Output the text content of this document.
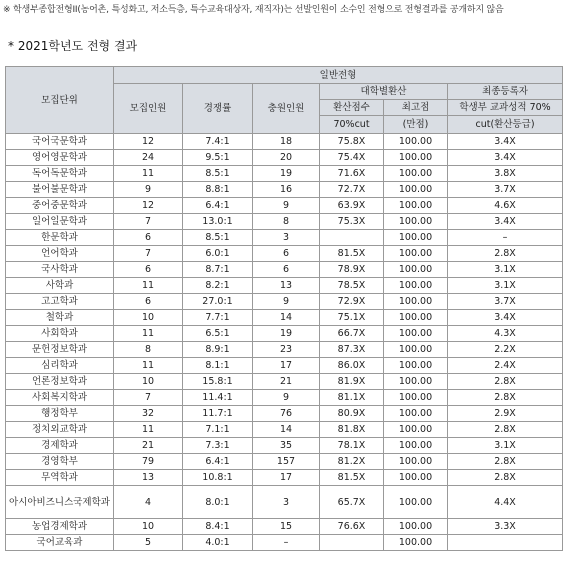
※ 학생부종합전형II(농어촌, 특성화고, 저소득층, 특수교육대상자, 재직자)는 선발인원이 소수인 전형으로 전형결과를 공개하지 않음
* 2021학년도 전형 결과
모집단위	일반전형					
	모집인원	경쟁률	충원인원	대학별환산		최종등록자
				환산점수	최고점	학생부 교과성적 70%
				70%cut	(만점)	cut(환산등급)
국어국문학과	12	7.4:1	18	75.8X	100.00	3.4X
영어영문학과	24	9.5:1	20	75.4X	100.00	3.4X
독어독문학과	11	8.5:1	19	71.6X	100.00	3.8X
불어불문학과	9	8.8:1	16	72.7X	100.00	3.7X
중어중문학과	12	6.4:1	9	63.9X	100.00	4.6X
일어일문학과	7	13.0:1	8	75.3X	100.00	3.4X
한문학과	6	8.5:1	3		100.00	–
언어학과	7	6.0:1	6	81.5X	100.00	2.8X
국사학과	6	8.7:1	6	78.9X	100.00	3.1X
사학과	11	8.2:1	13	78.5X	100.00	3.1X
고고학과	6	27.0:1	9	72.9X	100.00	3.7X
철학과	10	7.7:1	14	75.1X	100.00	3.4X
사회학과	11	6.5:1	19	66.7X	100.00	4.3X
문헌정보학과	8	8.9:1	23	87.3X	100.00	2.2X
심리학과	11	8.1:1	17	86.0X	100.00	2.4X
언론정보학과	10	15.8:1	21	81.9X	100.00	2.8X
사회복지학과	7	11.4:1	9	81.1X	100.00	2.8X
행정학부	32	11.7:1	76	80.9X	100.00	2.9X
정치외교학과	11	7.1:1	14	81.8X	100.00	2.8X
경제학과	21	7.3:1	35	78.1X	100.00	3.1X
경영학부	79	6.4:1	157	81.2X	100.00	2.8X
무역학과	13	10.8:1	17	81.5X	100.00	2.8X
아시아비즈니스국제학과	4	8.0:1	3	65.7X	100.00	4.4X
농업경제학과	10	8.4:1	15	76.6X	100.00	3.3X
국어교육과	5	4.0:1	–		100.00	
